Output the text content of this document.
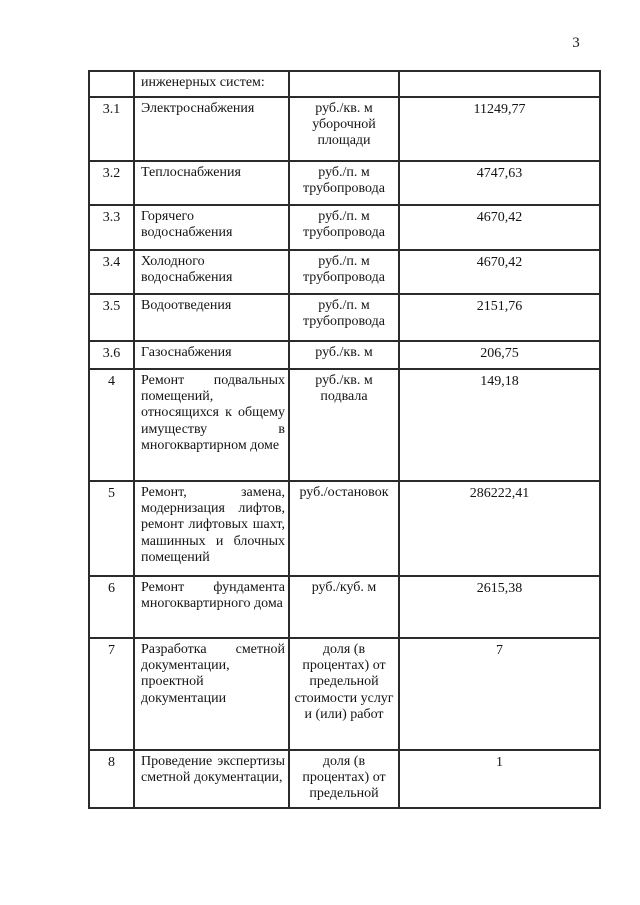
3
	инженерных систем:		
3.1	Электроснабжения	руб./кв. м уборочной площади	11249,77
3.2	Теплоснабжения	руб./п. м трубопровода	4747,63
3.3	Горячего водоснабжения	руб./п. м трубопровода	4670,42
3.4	Холодного водоснабжения	руб./п. м трубопровода	4670,42
3.5	Водоотведения	руб./п. м трубопровода	2151,76
3.6	Газоснабжения	руб./кв. м	206,75
4	Ремонт подвальных помещений, относящихся к общему имуществу в многоквартирном доме	руб./кв. м подвала	149,18
5	Ремонт, замена, модернизация лифтов, ремонт лифтовых шахт, машинных и блочных помещений	руб./остановок	286222,41
6	Ремонт фундамента многоквартирного дома	руб./куб. м	2615,38
7	Разработка сметной документации, проектной документации	доля (в процентах) от предельной стоимости услуг и (или) работ	7
8	Проведение экспертизы сметной документации,	доля (в процентах) от предельной	1
